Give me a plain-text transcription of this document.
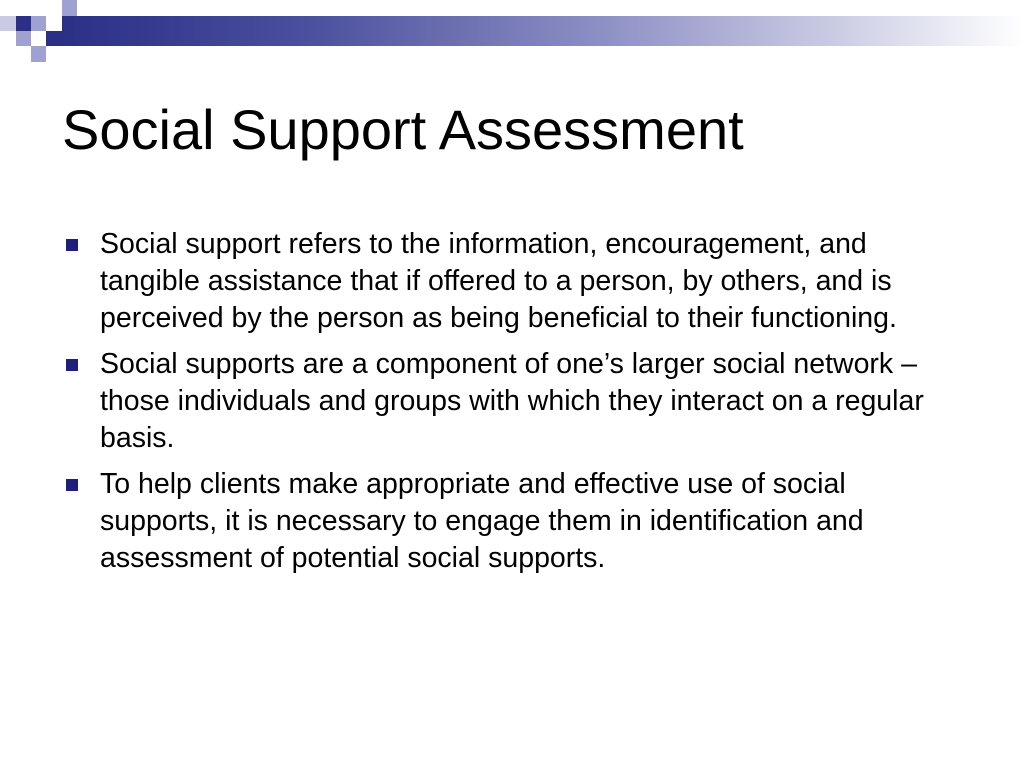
Social Support Assessment
Social support refers to the information, encouragement, and tangible assistance that if offered to a person, by others, and is perceived by the person as being beneficial to their functioning.
Social supports are a component of one’s larger social network – those individuals and groups with which they interact on a regular basis.
To help clients make appropriate and effective use of social supports, it is necessary to engage them in identification and assessment of potential social supports.
